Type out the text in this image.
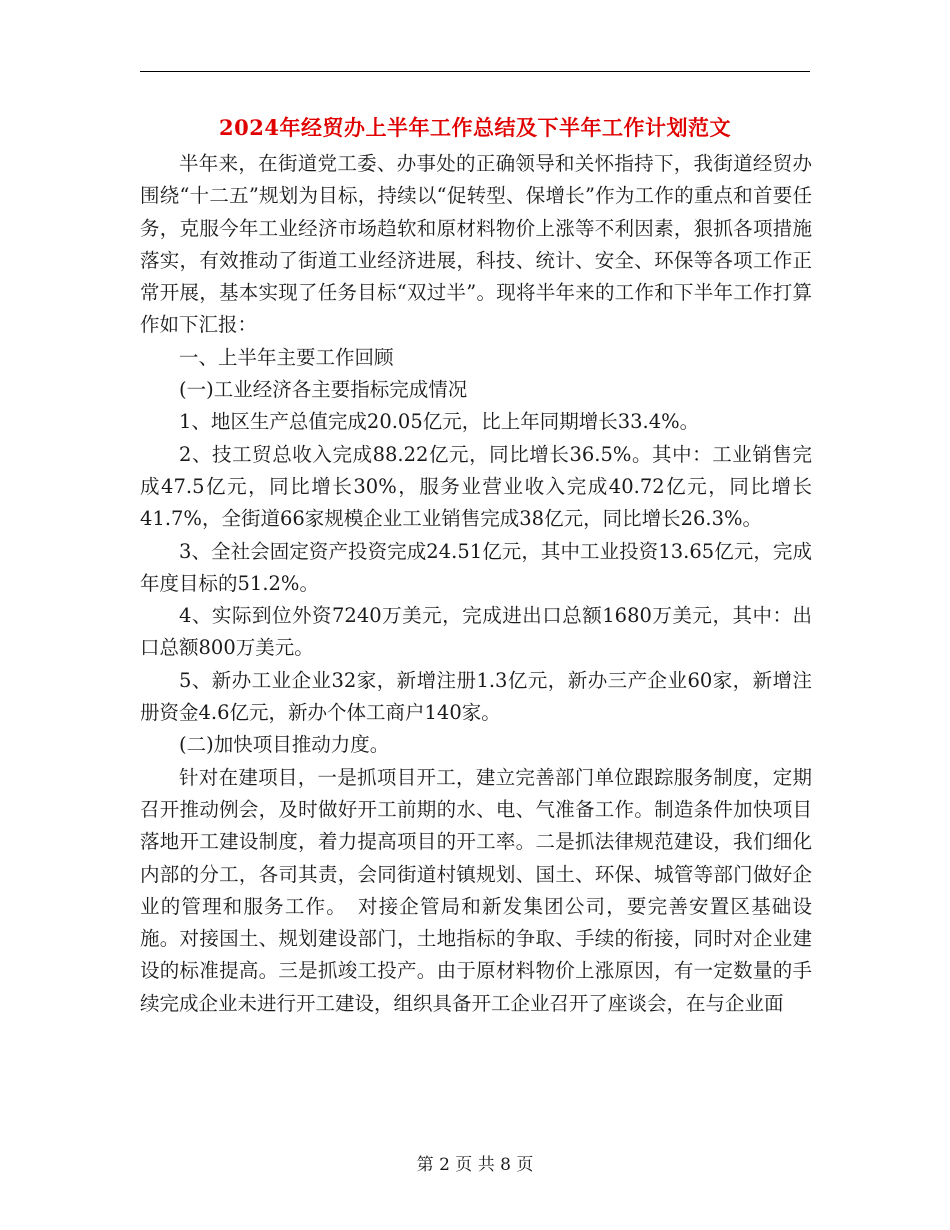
2024年经贸办上半年工作总结及下半年工作计划范文

半年来，在街道党工委、办事处的正确领导和关怀指持下，我街道经贸办围绕“十二五”规划为目标，持续以“促转型、保增长”作为工作的重点和首要任务，克服今年工业经济市场趋软和原材料物价上涨等不利因素，狠抓各项措施落实，有效推动了街道工业经济进展，科技、统计、安全、环保等各项工作正常开展，基本实现了任务目标“双过半”。现将半年来的工作和下半年工作打算作如下汇报：

一、上半年主要工作回顾

(一)工业经济各主要指标完成情况

1、地区生产总值完成20.05亿元，比上年同期增长33.4%。

2、技工贸总收入完成88.22亿元，同比增长36.5%。其中：工业销售完成47.5亿元，同比增长30%，服务业营业收入完成40.72亿元，同比增长41.7%，全街道66家规模企业工业销售完成38亿元，同比增长26.3%。

3、全社会固定资产投资完成24.51亿元，其中工业投资13.65亿元，完成年度目标的51.2%。

4、实际到位外资7240万美元，完成进出口总额1680万美元，其中：出口总额800万美元。

5、新办工业企业32家，新增注册1.3亿元，新办三产企业60家，新增注册资金4.6亿元，新办个体工商户140家。

(二)加快项目推动力度。

针对在建项目，一是抓项目开工，建立完善部门单位跟踪服务制度，定期召开推动例会，及时做好开工前期的水、电、气准备工作。制造条件加快项目落地开工建设制度，着力提高项目的开工率。二是抓法律规范建设，我们细化内部的分工，各司其责，会同街道村镇规划、国土、环保、城管等部门做好企业的管理和服务工作。　对接企管局和新发集团公司，要完善安置区基础设施。对接国土、规划建设部门，土地指标的争取、手续的衔接，同时对企业建设的标准提高。三是抓竣工投产。由于原材料物价上涨原因，有一定数量的手续完成企业未进行开工建设，组织具备开工企业召开了座谈会，在与企业面

第 2 页 共 8 页
